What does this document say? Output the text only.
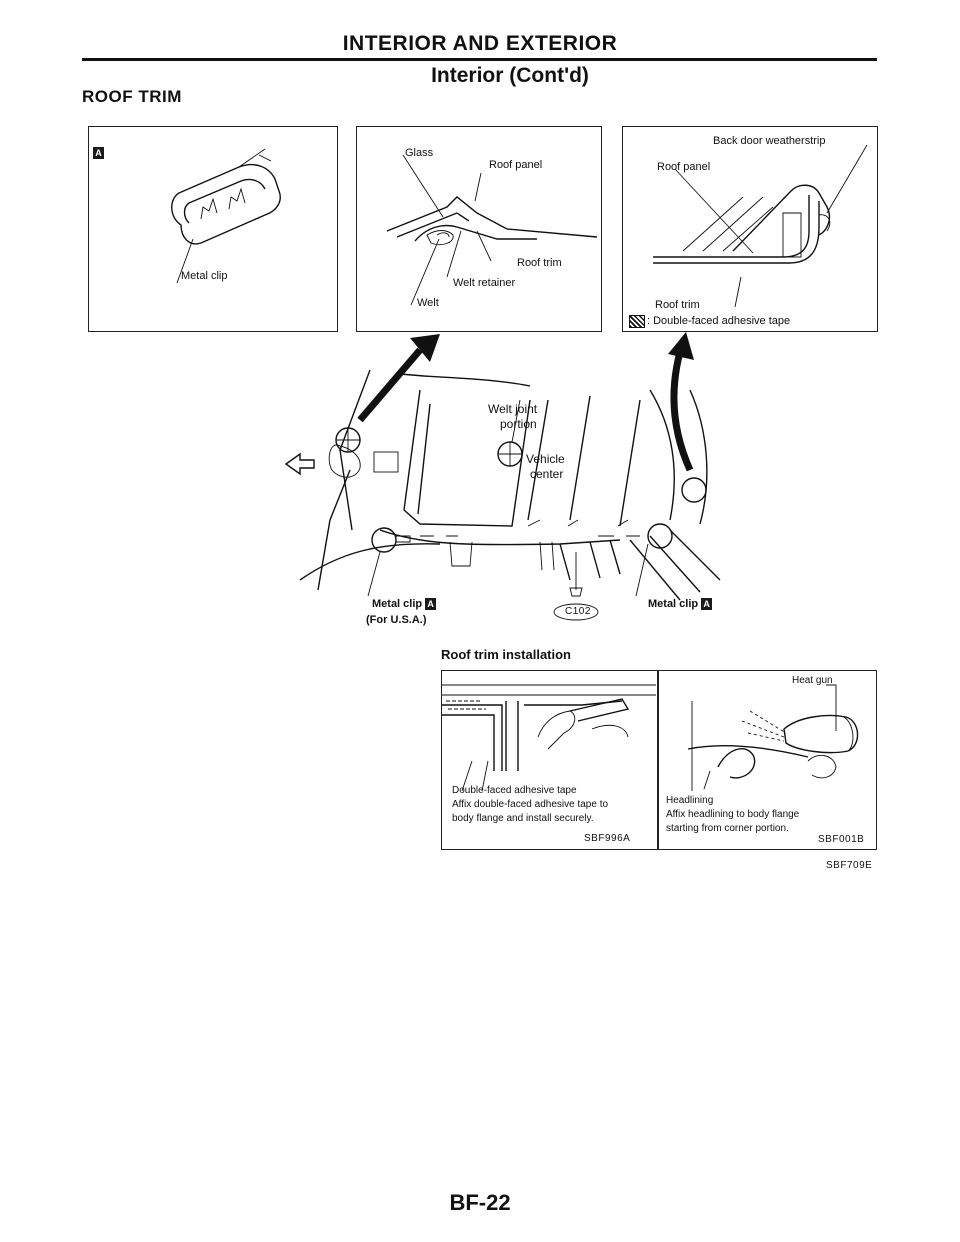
INTERIOR AND EXTERIOR
Interior (Cont'd)
ROOF TRIM
A
Metal clip
Glass
Roof panel
Roof trim
Welt retainer
Welt
Back door weatherstrip
Roof panel
Roof trim
: Double-faced adhesive tape
Welt joint
portion
Vehicle
center
Metal clip A
(For U.S.A.)
C102
Metal clip A
Roof trim installation
Double-faced adhesive tape
Affix double-faced adhesive tape to
body flange and install securely.
SBF996A
Heat gun
Headlining
Affix headlining to body flange
starting from corner portion.
SBF001B
SBF709E
BF-22
